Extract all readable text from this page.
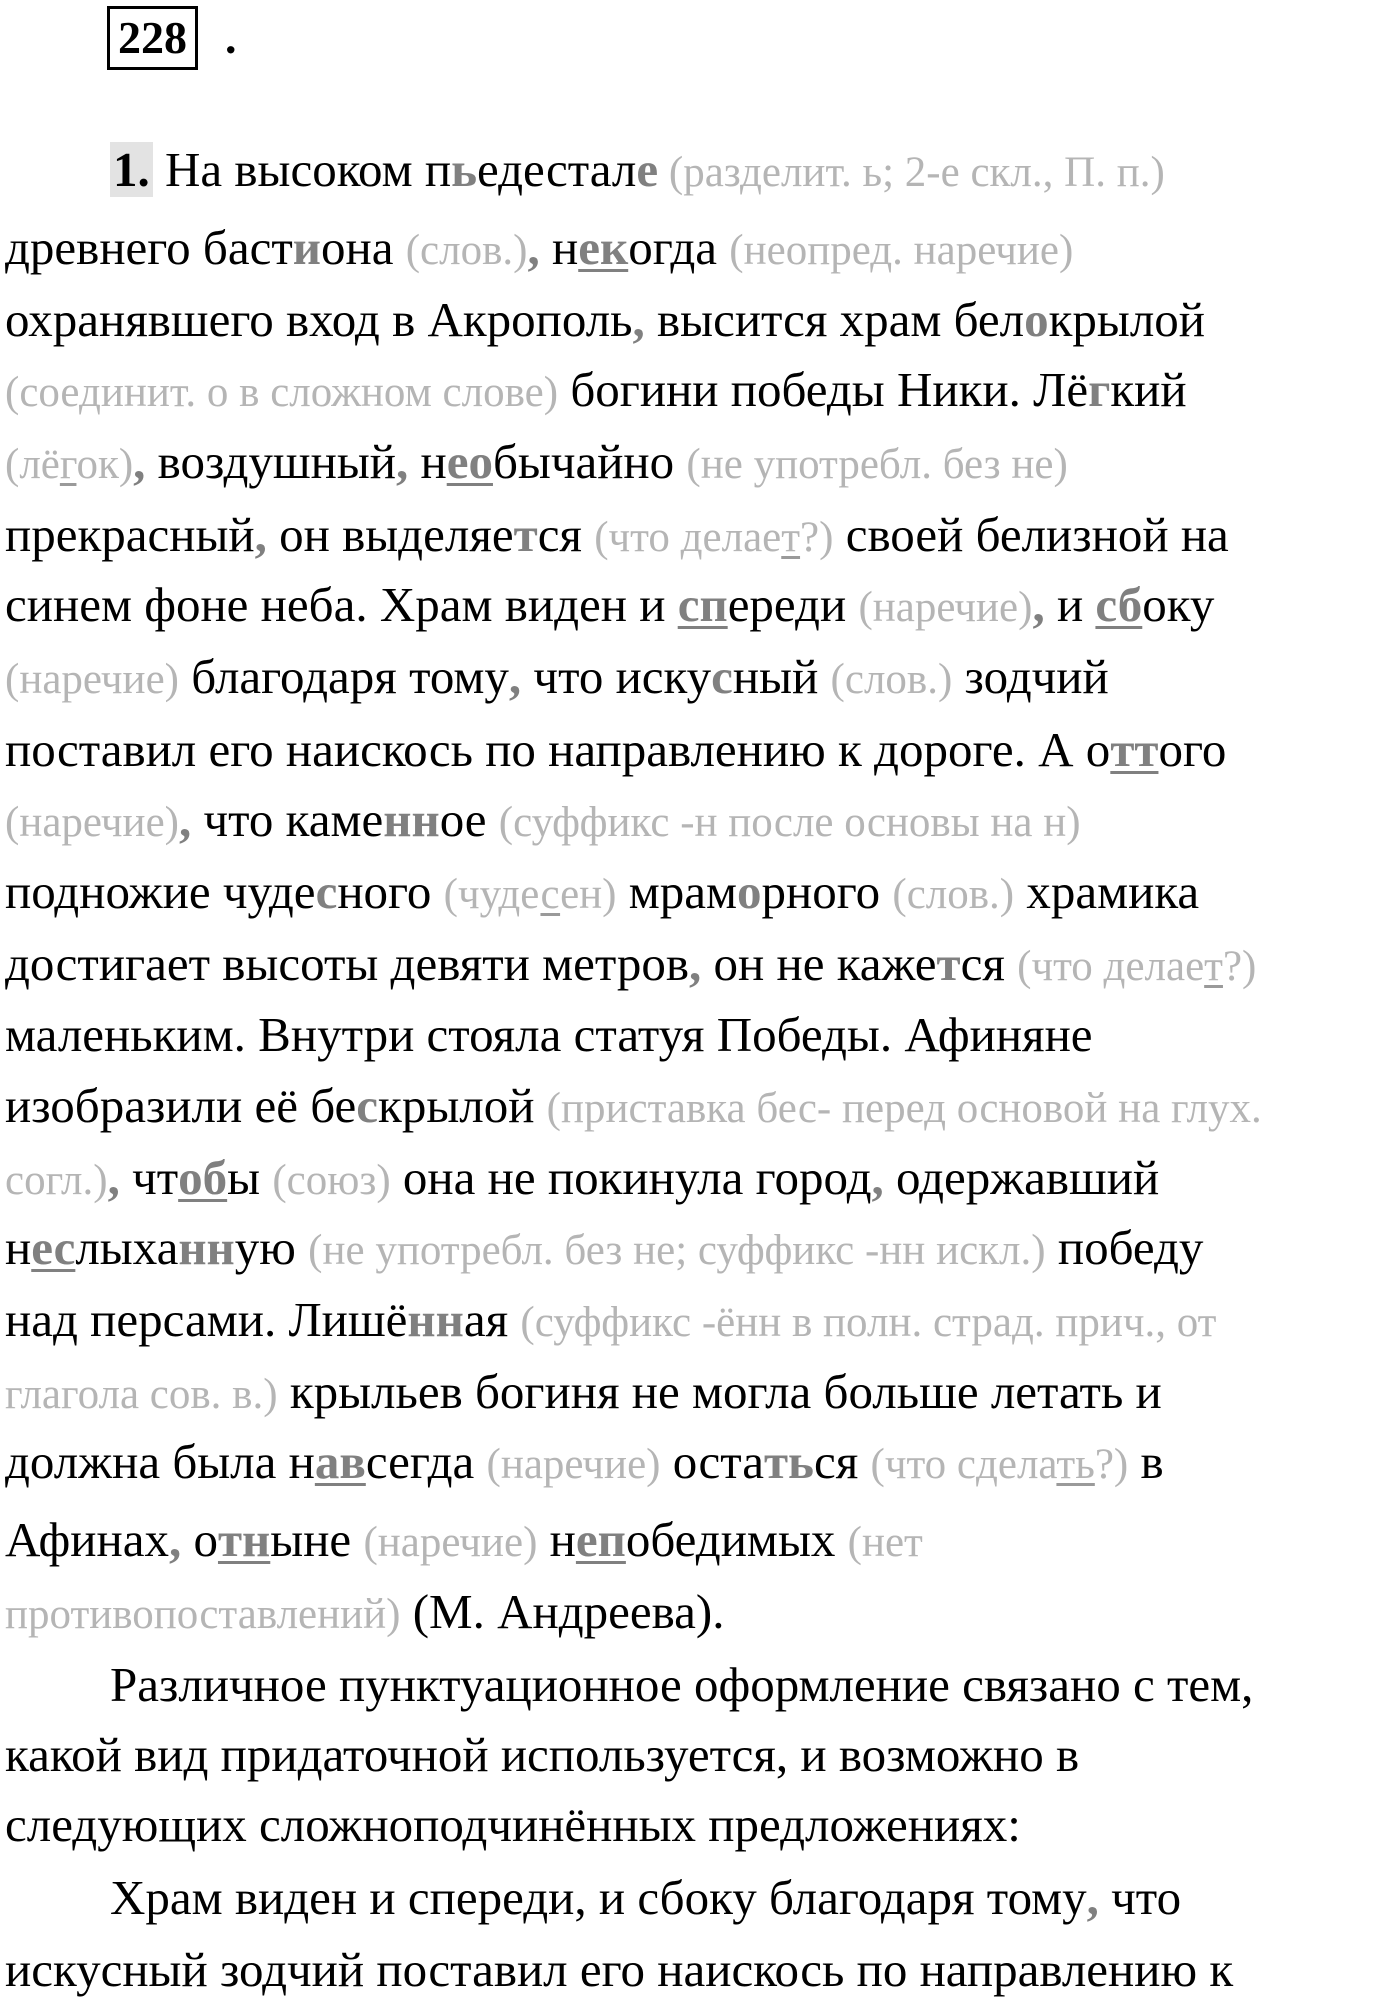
228 .
1. На высоком пьедестале (разделит. ь; 2-е скл., П. п.)
древнего бастиона (слов.), некогда (неопред. наречие)
охранявшего вход в Акрополь, высится храм белокрылой
(соединит. о в сложном слове) богини победы Ники. Лёгкий
(лёгок), воздушный, необычайно (не употребл. без не)
прекрасный, он выделяется (что делает?) своей белизной на
синем фоне неба. Храм виден и спереди (наречие), и сбоку
(наречие) благодаря тому, что искусный (слов.) зодчий
поставил его наискось по направлению к дороге. А оттого
(наречие), что каменное (суффикс -н после основы на н)
подножие чудесного (чудесен) мраморного (слов.) храмика
достигает высоты девяти метров, он не кажется (что делает?)
маленьким. Внутри стояла статуя Победы. Афиняне
изобразили её бескрылой (приставка бес- перед основой на глух.
согл.), чтобы (союз) она не покинула город, одержавший
неслыханную (не употребл. без не; суффикс -нн искл.) победу
над персами. Лишённая (суффикс -ённ в полн. страд. прич., от
глагола сов. в.) крыльев богиня не могла больше летать и
должна была навсегда (наречие) остаться (что сделать?) в
Афинах, отныне (наречие) непобедимых (нет
противопоставлений) (М. Андреева).
Различное пунктуационное оформление связано с тем,
какой вид придаточной используется, и возможно в
следующих сложноподчинённых предложениях:
Храм виден и спереди, и сбоку благодаря тому, что
искусный зодчий поставил его наискось по направлению к
